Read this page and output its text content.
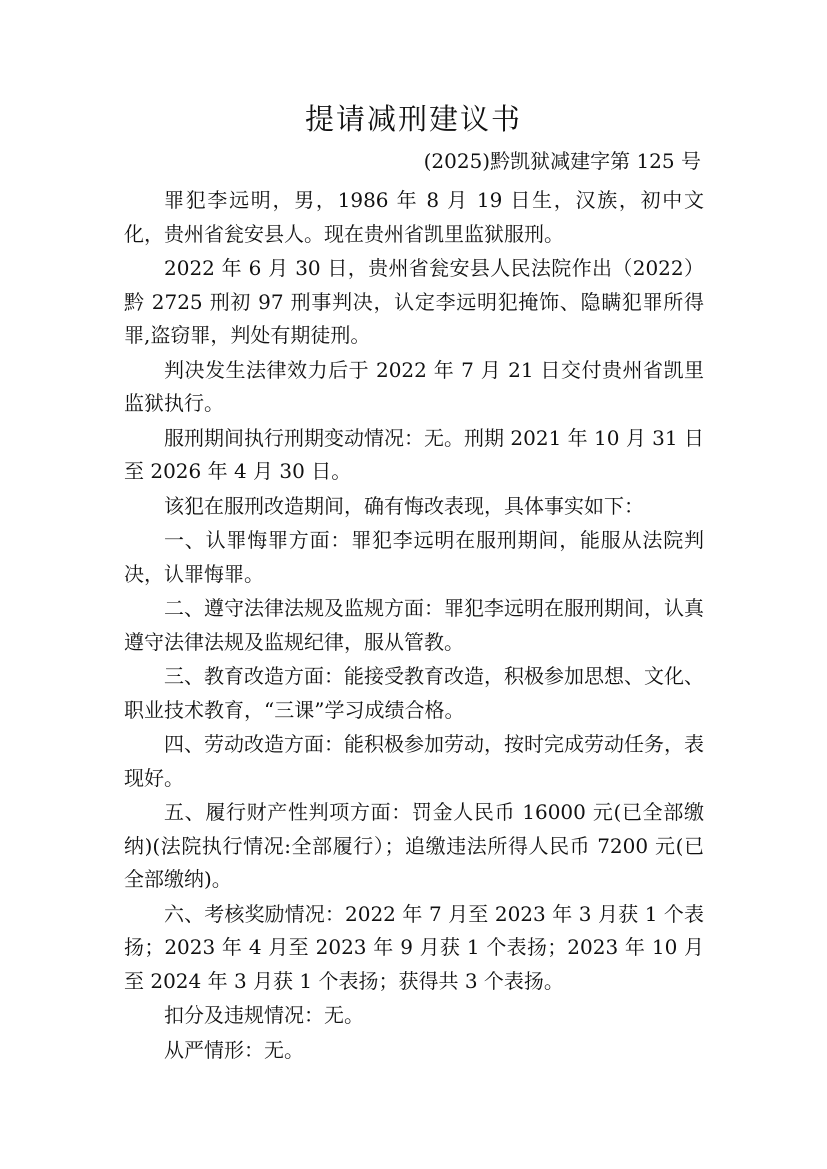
提请减刑建议书

(2025)黔凯狱减建字第 125 号

罪犯李远明，男，1986 年 8 月 19 日生，汉族，初中文化，贵州省瓮安县人。现在贵州省凯里监狱服刑。

2022 年 6 月 30 日，贵州省瓮安县人民法院作出（2022）黔 2725 刑初 97 刑事判决，认定李远明犯掩饰、隐瞒犯罪所得罪,盗窃罪，判处有期徒刑。

判决发生法律效力后于 2022 年 7 月 21 日交付贵州省凯里监狱执行。

服刑期间执行刑期变动情况：无。刑期 2021 年 10 月 31 日至 2026 年 4 月 30 日。

该犯在服刑改造期间，确有悔改表现，具体事实如下：

一、认罪悔罪方面：罪犯李远明在服刑期间，能服从法院判决，认罪悔罪。

二、遵守法律法规及监规方面：罪犯李远明在服刑期间，认真遵守法律法规及监规纪律，服从管教。

三、教育改造方面：能接受教育改造，积极参加思想、文化、职业技术教育，“三课”学习成绩合格。

四、劳动改造方面：能积极参加劳动，按时完成劳动任务，表现好。

五、履行财产性判项方面：罚金人民币 16000 元(已全部缴纳)(法院执行情况:全部履行）；追缴违法所得人民币 7200 元(已全部缴纳)。

六、考核奖励情况：2022 年 7 月至 2023 年 3 月获 1 个表扬；2023 年 4 月至 2023 年 9 月获 1 个表扬；2023 年 10 月至 2024 年 3 月获 1 个表扬；获得共 3 个表扬。

扣分及违规情况：无。

从严情形：无。
